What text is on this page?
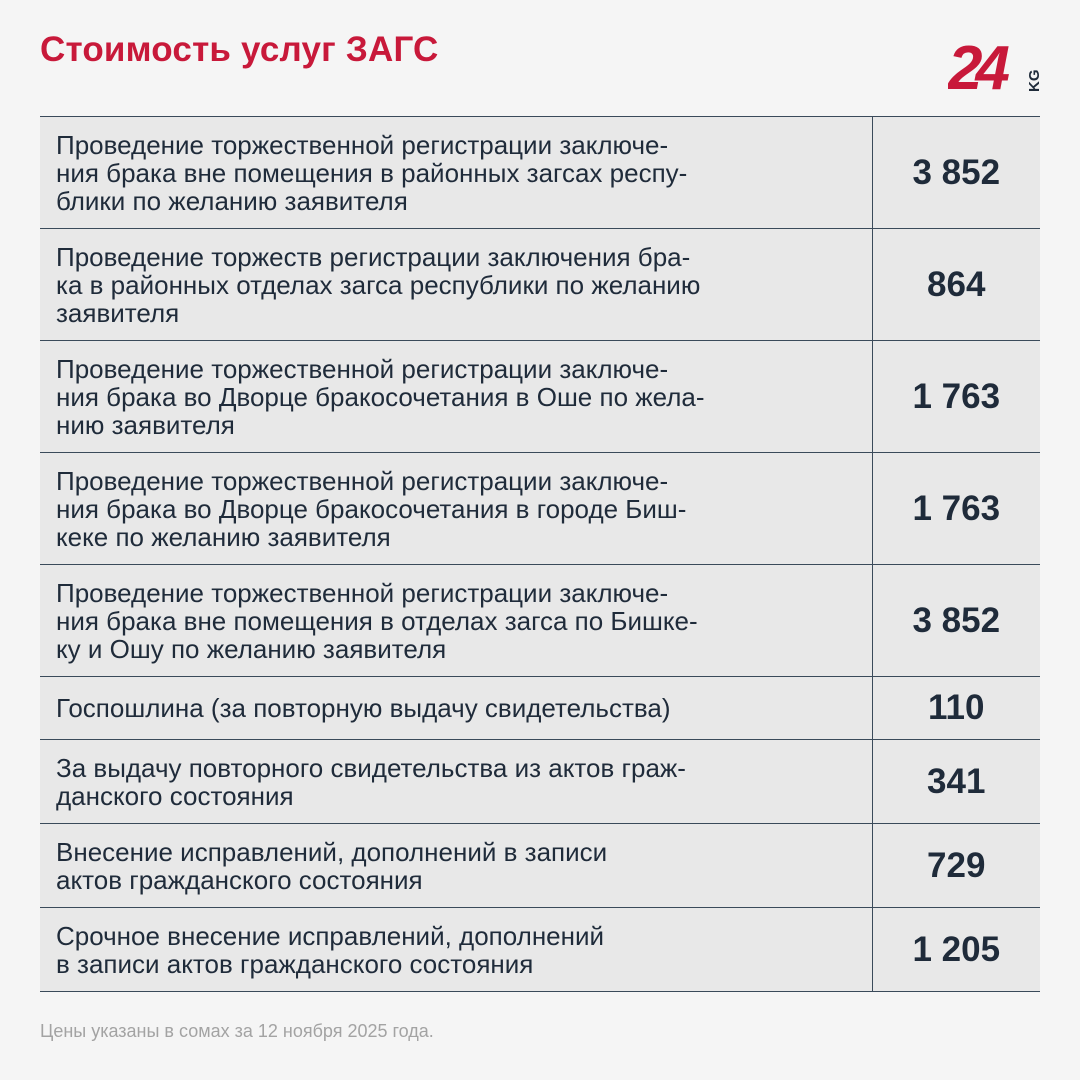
Стоимость услуг ЗАГС	24	KG
Проведение торжественной регистрации заключе-
ния брака вне помещения в районных загсах респу-
блики по желанию заявителя	3 852
Проведение торжеств регистрации заключения бра-
ка в районных отделах загса республики по желанию
заявителя	864
Проведение торжественной регистрации заключе-
ния брака во Дворце бракосочетания в Оше по жела-
нию заявителя	1 763
Проведение торжественной регистрации заключе-
ния брака во Дворце бракосочетания в городе Биш-
кеке по желанию заявителя	1 763
Проведение торжественной регистрации заключе-
ния брака вне помещения в отделах загса по Бишке-
ку и Ошу по желанию заявителя	3 852
Госпошлина (за повторную выдачу свидетельства)	110
За выдачу повторного свидетельства из актов граж-
данского состояния	341
Внесение исправлений, дополнений в записи
актов гражданского состояния	729
Срочное внесение исправлений, дополнений
в записи актов гражданского состояния	1 205
Цены указаны в сомах за 12 ноября 2025 года.
